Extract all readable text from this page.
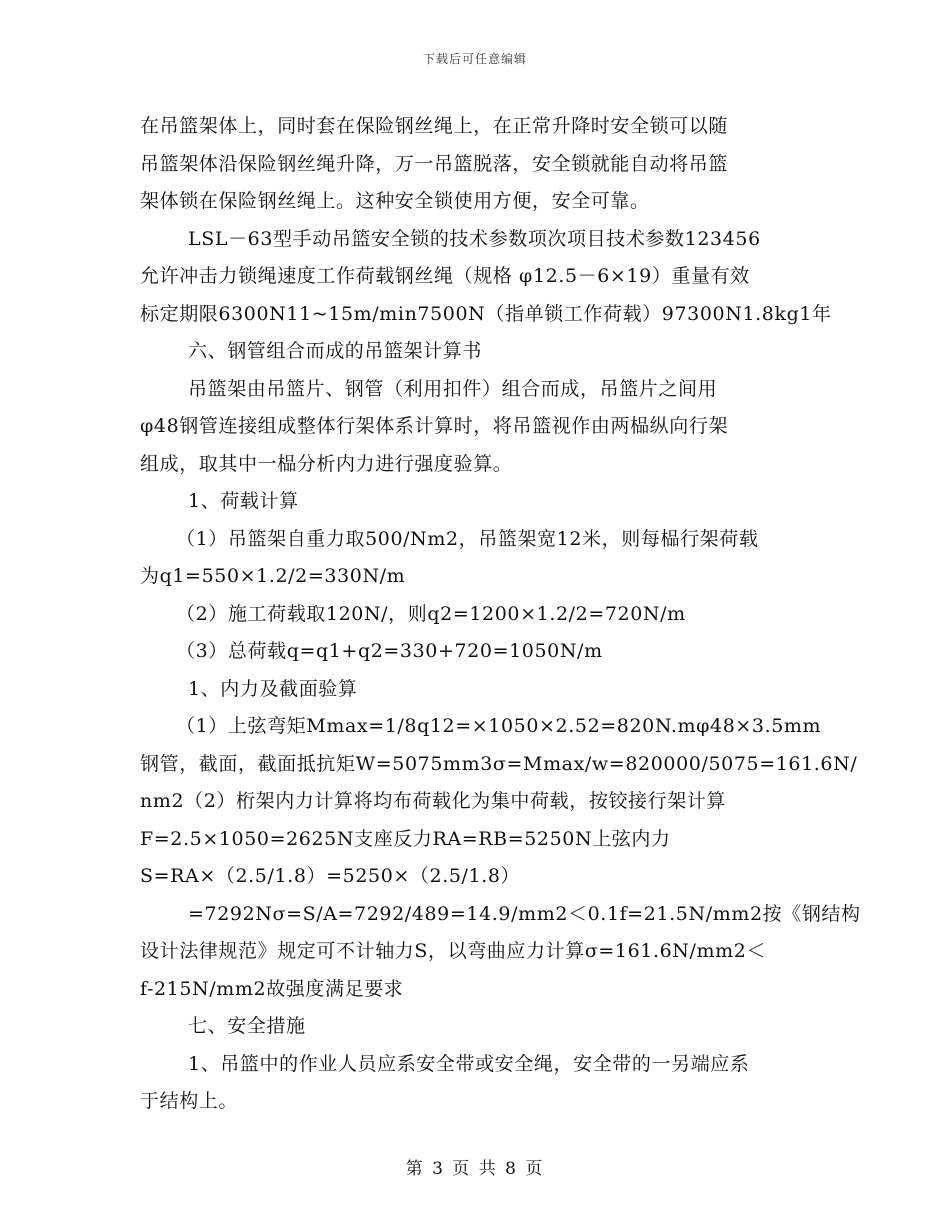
下载后可任意编辑
在吊篮架体上，同时套在保险钢丝绳上，在正常升降时安全锁可以随
吊篮架体沿保险钢丝绳升降，万一吊篮脱落，安全锁就能自动将吊篮
架体锁在保险钢丝绳上。这种安全锁使用方便，安全可靠。
LSL－63型手动吊篮安全锁的技术参数项次项目技术参数123456
允许冲击力锁绳速度工作荷载钢丝绳（规格 φ12.5－6×19）重量有效
标定期限6300N11~15m/min7500N（指单锁工作荷载）97300N1.8kg1年
六、钢管组合而成的吊篮架计算书
吊篮架由吊篮片、钢管（利用扣件）组合而成，吊篮片之间用
φ48钢管连接组成整体行架体系计算时，将吊篮视作由两榀纵向行架
组成，取其中一榀分析内力进行强度验算。
1、荷载计算
（1）吊篮架自重力取500/Nm2，吊篮架宽12米，则每榀行架荷载
为q1=550×1.2/2=330N/m
（2）施工荷载取120N/，则q2=1200×1.2/2=720N/m
（3）总荷载q=q1+q2=330+720=1050N/m
1、内力及截面验算
（1）上弦弯矩Mmax=1/8q12=×1050×2.52=820N.mφ48×3.5mm
钢管，截面，截面抵抗矩W=5075mm3σ=Mmax/w=820000/5075=161.6N/
nm2（2）桁架内力计算将均布荷载化为集中荷载，按铰接行架计算
F=2.5×1050=2625N支座反力RA=RB=5250N上弦内力
S=RA×（2.5/1.8）=5250×（2.5/1.8）
=7292Nσ=S/A=7292/489=14.9/mm2＜0.1f=21.5N/mm2按《钢结构
设计法律规范》规定可不计轴力S，以弯曲应力计算σ=161.6N/mm2＜
f-215N/mm2故强度满足要求
七、安全措施
1、吊篮中的作业人员应系安全带或安全绳，安全带的一另端应系
于结构上。
第 3 页 共 8 页
